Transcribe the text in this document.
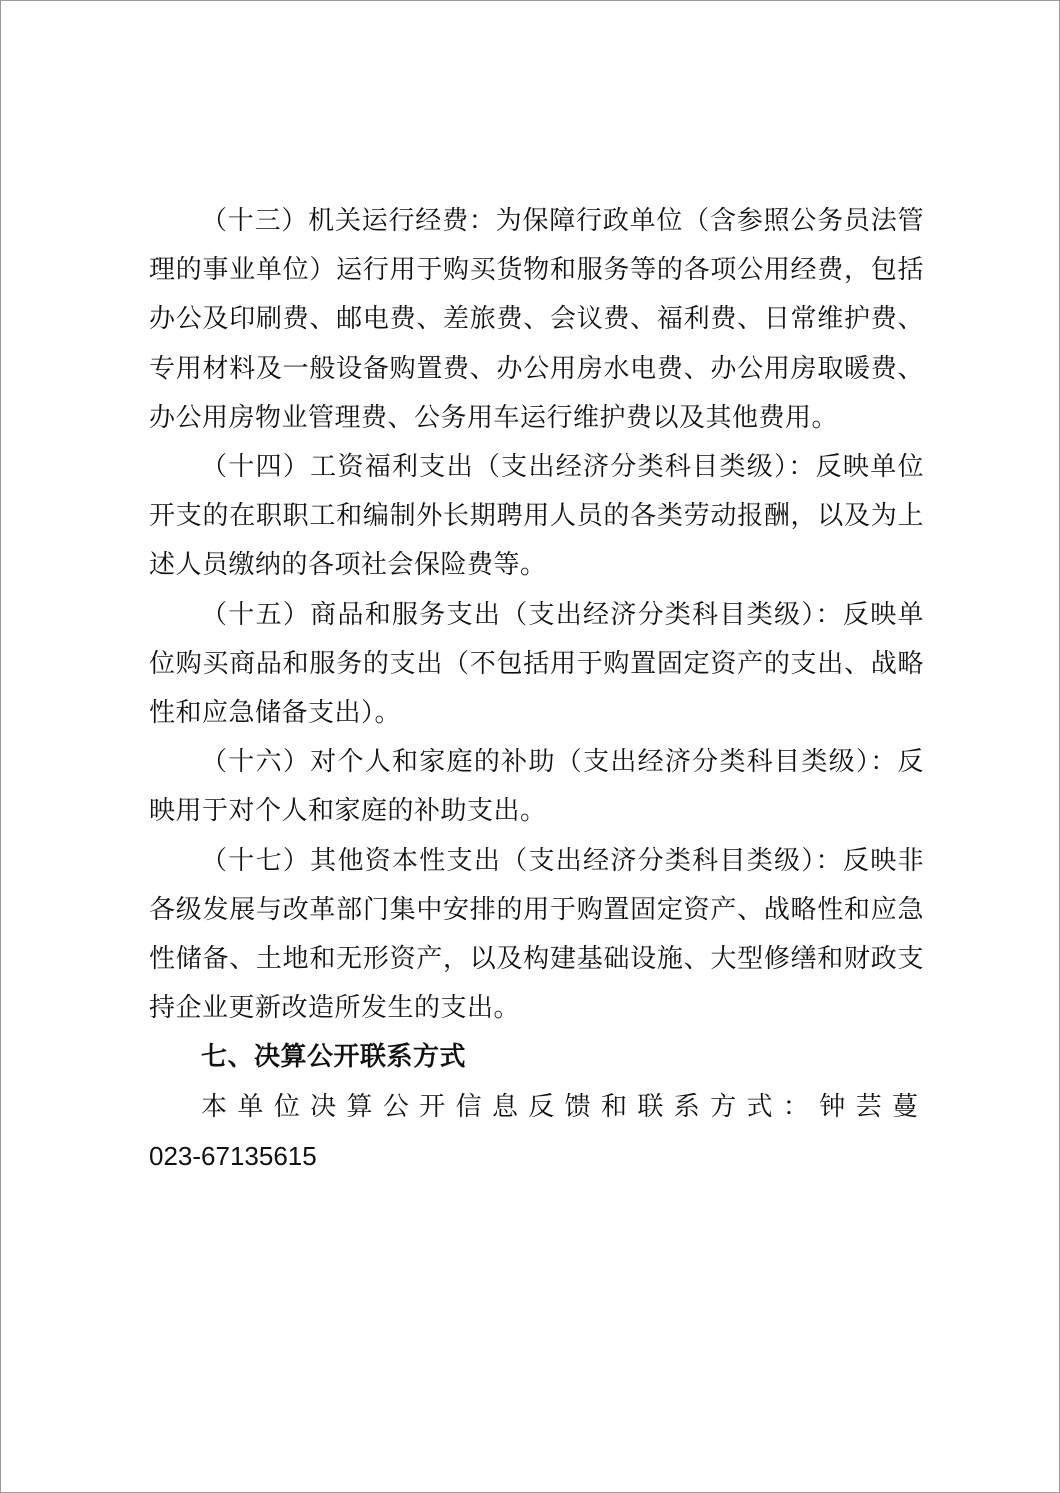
（十三）机关运行经费：为保障行政单位（含参照公务员法管理的事业单位）运行用于购买货物和服务等的各项公用经费，包括办公及印刷费、邮电费、差旅费、会议费、福利费、日常维护费、专用材料及一般设备购置费、办公用房水电费、办公用房取暖费、办公用房物业管理费、公务用车运行维护费以及其他费用。

（十四）工资福利支出（支出经济分类科目类级）：反映单位开支的在职职工和编制外长期聘用人员的各类劳动报酬，以及为上述人员缴纳的各项社会保险费等。

（十五）商品和服务支出（支出经济分类科目类级）：反映单位购买商品和服务的支出（不包括用于购置固定资产的支出、战略性和应急储备支出）。

（十六）对个人和家庭的补助（支出经济分类科目类级）：反映用于对个人和家庭的补助支出。

（十七）其他资本性支出（支出经济分类科目类级）：反映非各级发展与改革部门集中安排的用于购置固定资产、战略性和应急性储备、土地和无形资产，以及构建基础设施、大型修缮和财政支持企业更新改造所发生的支出。

七、决算公开联系方式

本单位决算公开信息反馈和联系方式：钟芸蔓

023-67135615
